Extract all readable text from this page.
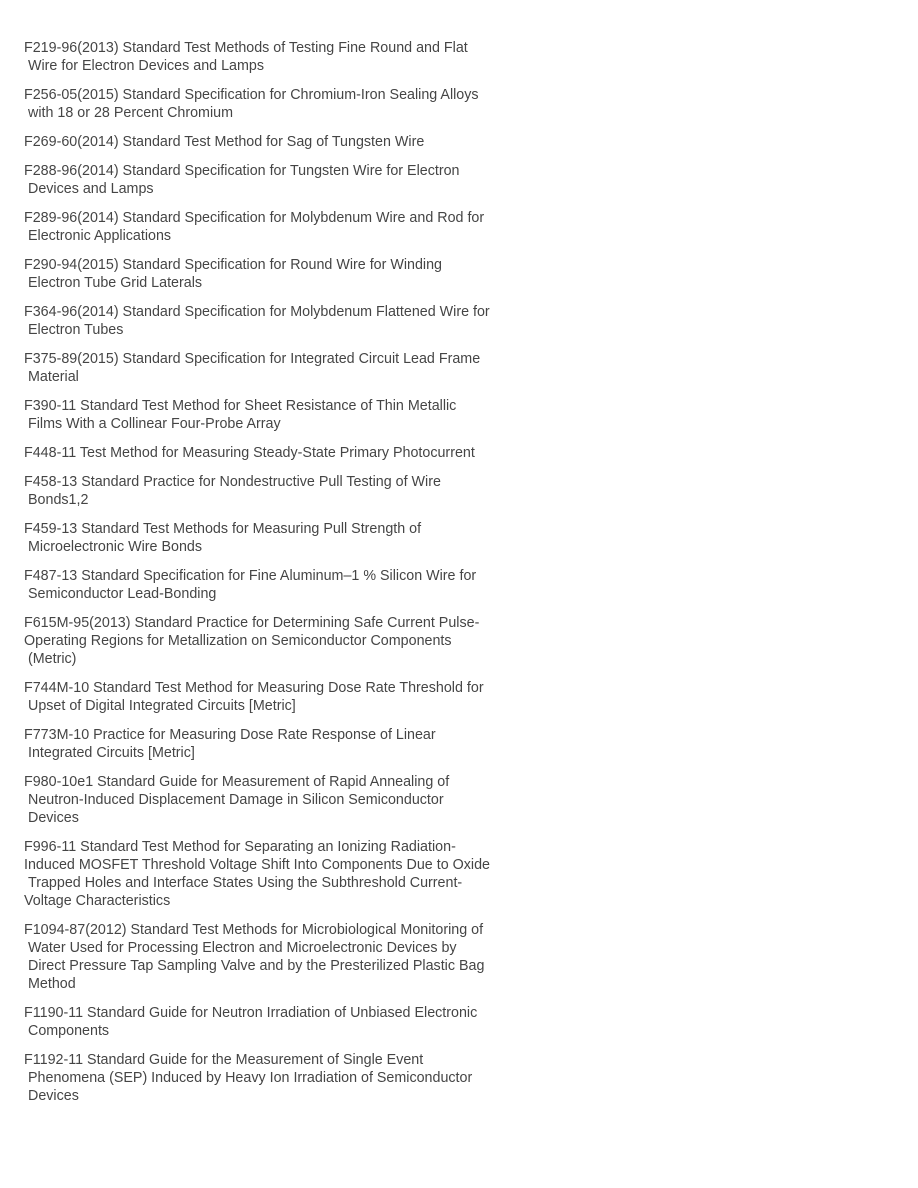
F219-96(2013) Standard Test Methods of Testing Fine Round and Flat
Wire for Electron Devices and Lamps

F256-05(2015) Standard Specification for Chromium-Iron Sealing Alloys
with 18 or 28 Percent Chromium

F269-60(2014) Standard Test Method for Sag of Tungsten Wire

F288-96(2014) Standard Specification for Tungsten Wire for Electron
Devices and Lamps

F289-96(2014) Standard Specification for Molybdenum Wire and Rod for
Electronic Applications

F290-94(2015) Standard Specification for Round Wire for Winding
Electron Tube Grid Laterals

F364-96(2014) Standard Specification for Molybdenum Flattened Wire for
Electron Tubes

F375-89(2015) Standard Specification for Integrated Circuit Lead Frame
Material

F390-11 Standard Test Method for Sheet Resistance of Thin Metallic
Films With a Collinear Four-Probe Array

F448-11 Test Method for Measuring Steady-State Primary Photocurrent

F458-13 Standard Practice for Nondestructive Pull Testing of Wire
Bonds1,2

F459-13 Standard Test Methods for Measuring Pull Strength of
Microelectronic Wire Bonds

F487-13 Standard Specification for Fine Aluminum–1 % Silicon Wire for
Semiconductor Lead-Bonding

F615M-95(2013) Standard Practice for Determining Safe Current Pulse-
Operating Regions for Metallization on Semiconductor Components
(Metric)

F744M-10 Standard Test Method for Measuring Dose Rate Threshold for
Upset of Digital Integrated Circuits [Metric]

F773M-10 Practice for Measuring Dose Rate Response of Linear
Integrated Circuits [Metric]

F980-10e1 Standard Guide for Measurement of Rapid Annealing of
Neutron-Induced Displacement Damage in Silicon Semiconductor
Devices

F996-11 Standard Test Method for Separating an Ionizing Radiation-
Induced MOSFET Threshold Voltage Shift Into Components Due to Oxide
Trapped Holes and Interface States Using the Subthreshold Current-
Voltage Characteristics

F1094-87(2012) Standard Test Methods for Microbiological Monitoring of
Water Used for Processing Electron and Microelectronic Devices by
Direct Pressure Tap Sampling Valve and by the Presterilized Plastic Bag
Method

F1190-11 Standard Guide for Neutron Irradiation of Unbiased Electronic
Components

F1192-11 Standard Guide for the Measurement of Single Event
Phenomena (SEP) Induced by Heavy Ion Irradiation of Semiconductor
Devices
